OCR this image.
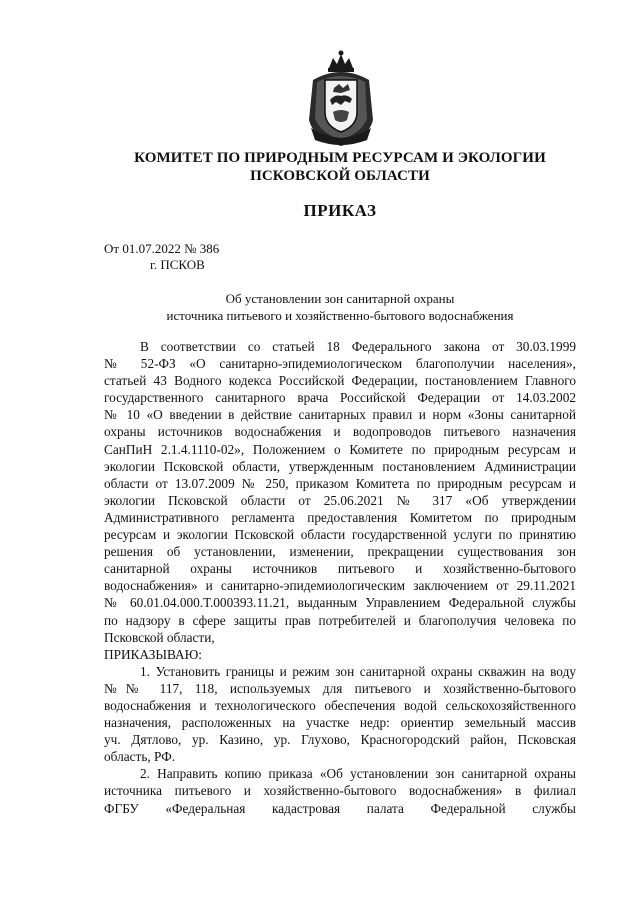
КОМИТЕТ ПО ПРИРОДНЫМ РЕСУРСАМ И ЭКОЛОГИИ
ПСКОВСКОЙ ОБЛАСТИ
ПРИКАЗ
От 01.07.2022 № 386
г. ПСКОВ
Об установлении зон санитарной охраны
источника питьевого и хозяйственно-бытового водоснабжения
В соответствии со статьей 18 Федерального закона от 30.03.1999
№ 52-ФЗ «О санитарно-эпидемиологическом благополучии населения»,
статьей 43 Водного кодекса Российской Федерации, постановлением Главного
государственного санитарного врача Российской Федерации от 14.03.2002
№ 10 «О введении в действие санитарных правил и норм «Зоны санитарной
охраны источников водоснабжения и водопроводов питьевого назначения
СанПиН 2.1.4.1110-02», Положением о Комитете по природным ресурсам и
экологии Псковской области, утвержденным постановлением Администрации
области от 13.07.2009 № 250, приказом Комитета по природным ресурсам и
экологии Псковской области от 25.06.2021 № 317 «Об утверждении
Административного регламента предоставления Комитетом по природным
ресурсам и экологии Псковской области государственной услуги по принятию
решения об установлении, изменении, прекращении существования зон
санитарной охраны источников питьевого и хозяйственно-бытового
водоснабжения» и санитарно-эпидемиологическим заключением от 29.11.2021
№ 60.01.04.000.Т.000393.11.21, выданным Управлением Федеральной службы
по надзору в сфере защиты прав потребителей и благополучия человека по
Псковской области,
ПРИКАЗЫВАЮ:
1. Установить границы и режим зон санитарной охраны скважин на воду
№№ 117, 118, используемых для питьевого и хозяйственно-бытового
водоснабжения и технологического обеспечения водой сельскохозяйственного
назначения, расположенных на участке недр: ориентир земельный массив
уч. Дятлово, ур. Казино, ур. Глухово, Красногородский район, Псковская
область, РФ.
2. Направить копию приказа «Об установлении зон санитарной охраны
источника питьевого и хозяйственно-бытового водоснабжения» в филиал
ФГБУ «Федеральная кадастровая палата Федеральной службы
